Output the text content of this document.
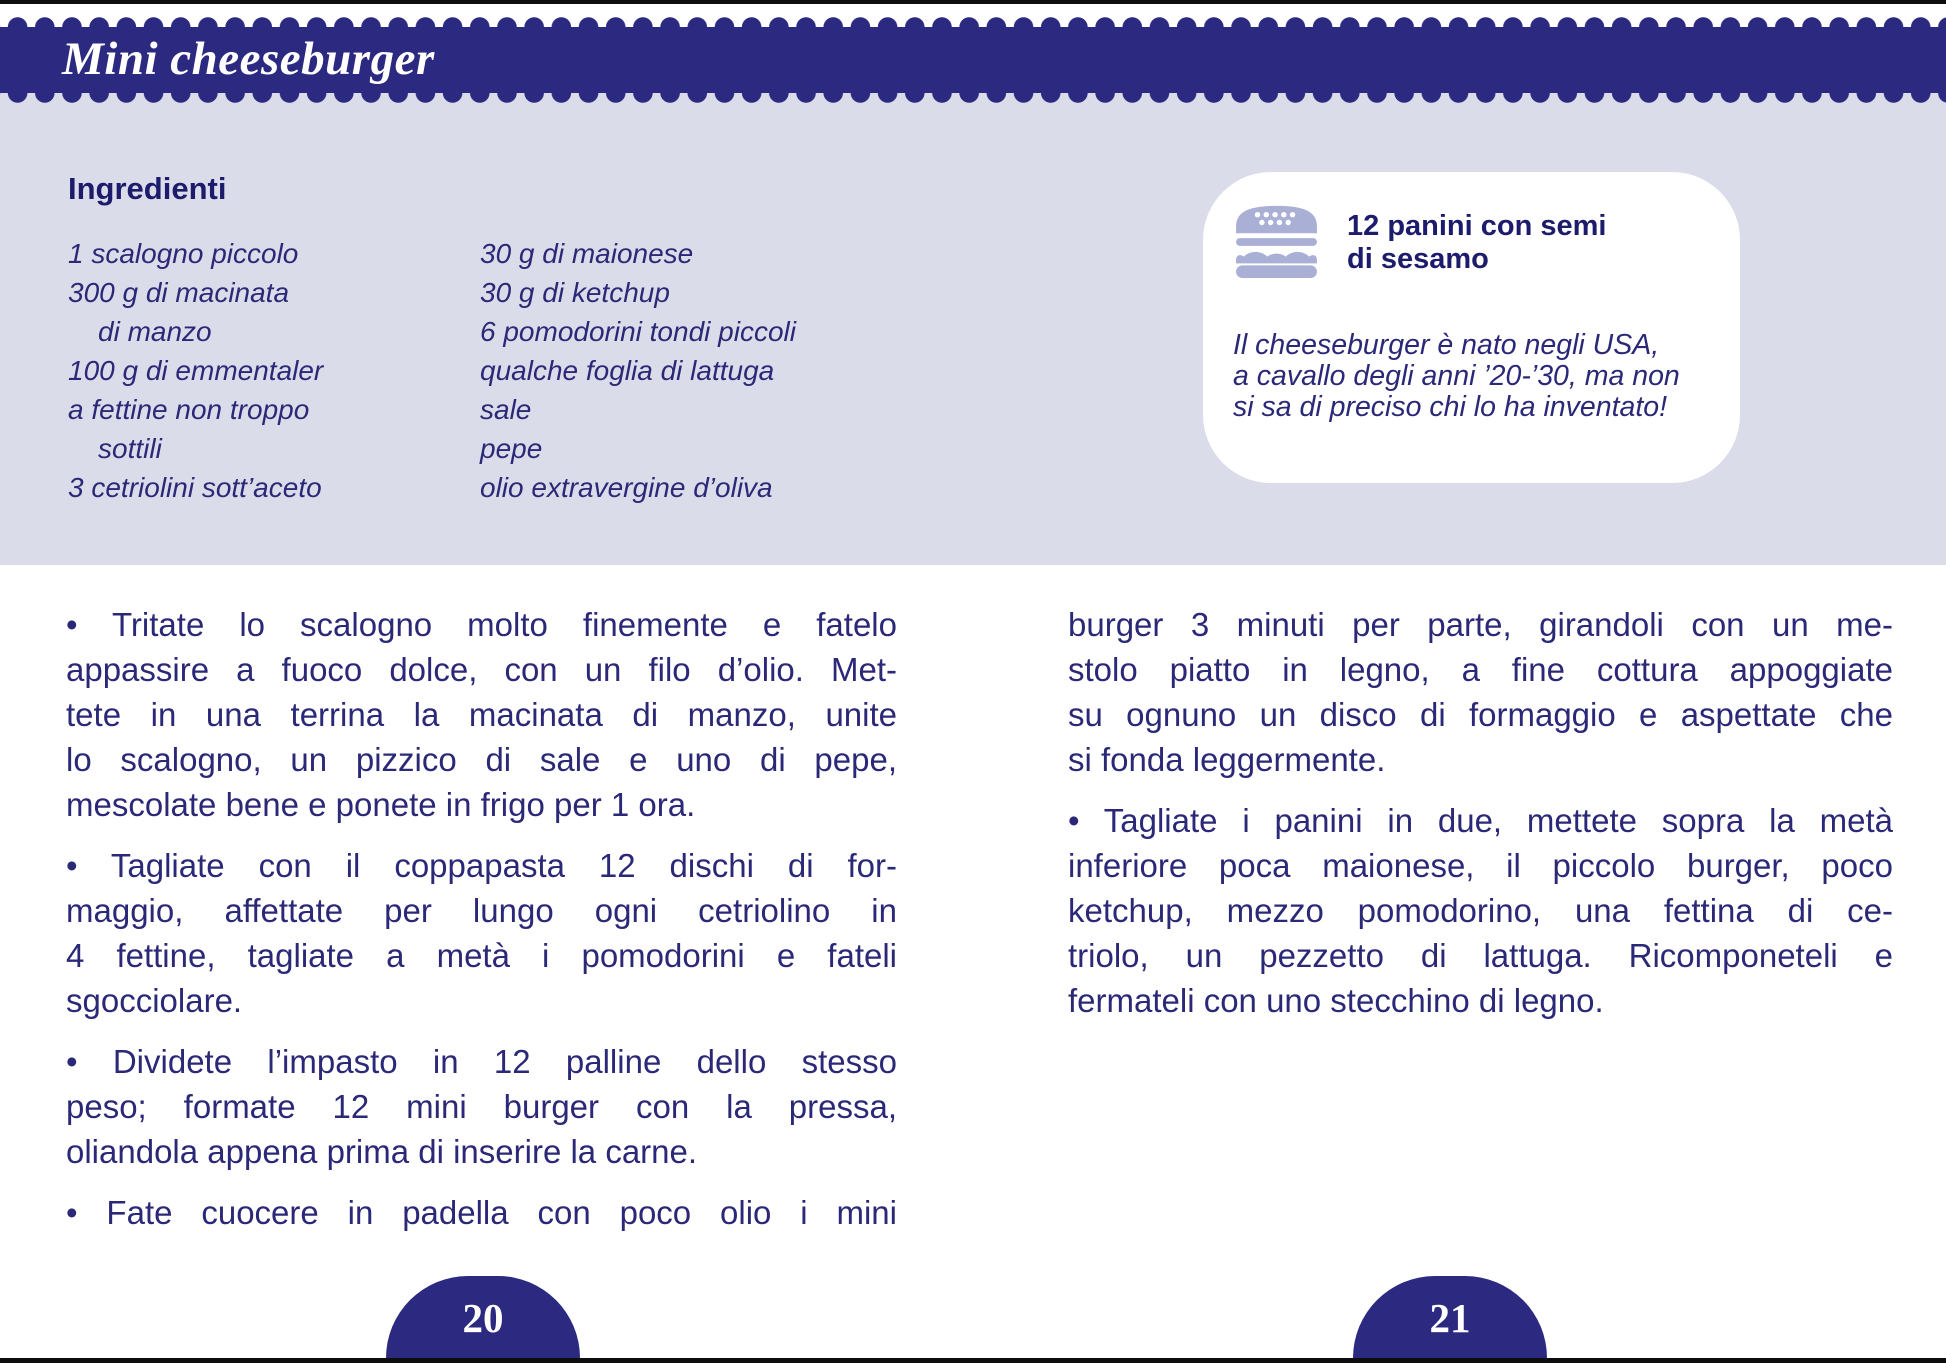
Mini cheeseburger
Ingredienti
1 scalogno piccolo
300 g di macinata
di manzo
100 g di emmentaler
a fettine non troppo
sottili
3 cetriolini sott’aceto
30 g di maionese
30 g di ketchup
6 pomodorini tondi piccoli
qualche foglia di lattuga
sale
pepe
olio extravergine d’oliva
12 panini con semi
di sesamo
Il cheeseburger è nato negli USA,
a cavallo degli anni ’20-’30, ma non
si sa di preciso chi lo ha inventato!
• Tritate lo scalogno molto finemente e fatelo
appassire a fuoco dolce, con un filo d’olio. Met-
tete in una terrina la macinata di manzo, unite
lo scalogno, un pizzico di sale e uno di pepe,
mescolate bene e ponete in frigo per 1 ora.
• Tagliate con il coppapasta 12 dischi di for-
maggio, affettate per lungo ogni cetriolino in
4 fettine, tagliate a metà i pomodorini e fateli
sgocciolare.
• Dividete l’impasto in 12 palline dello stesso
peso; formate 12 mini burger con la pressa,
oliandola appena prima di inserire la carne.
• Fate cuocere in padella con poco olio i mini
burger 3 minuti per parte, girandoli con un me-
stolo piatto in legno, a fine cottura appoggiate
su ognuno un disco di formaggio e aspettate che
si fonda leggermente.
• Tagliate i panini in due, mettete sopra la metà
inferiore poca maionese, il piccolo burger, poco
ketchup, mezzo pomodorino, una fettina di ce-
triolo, un pezzetto di lattuga. Ricomponeteli e
fermateli con uno stecchino di legno.
20	21
